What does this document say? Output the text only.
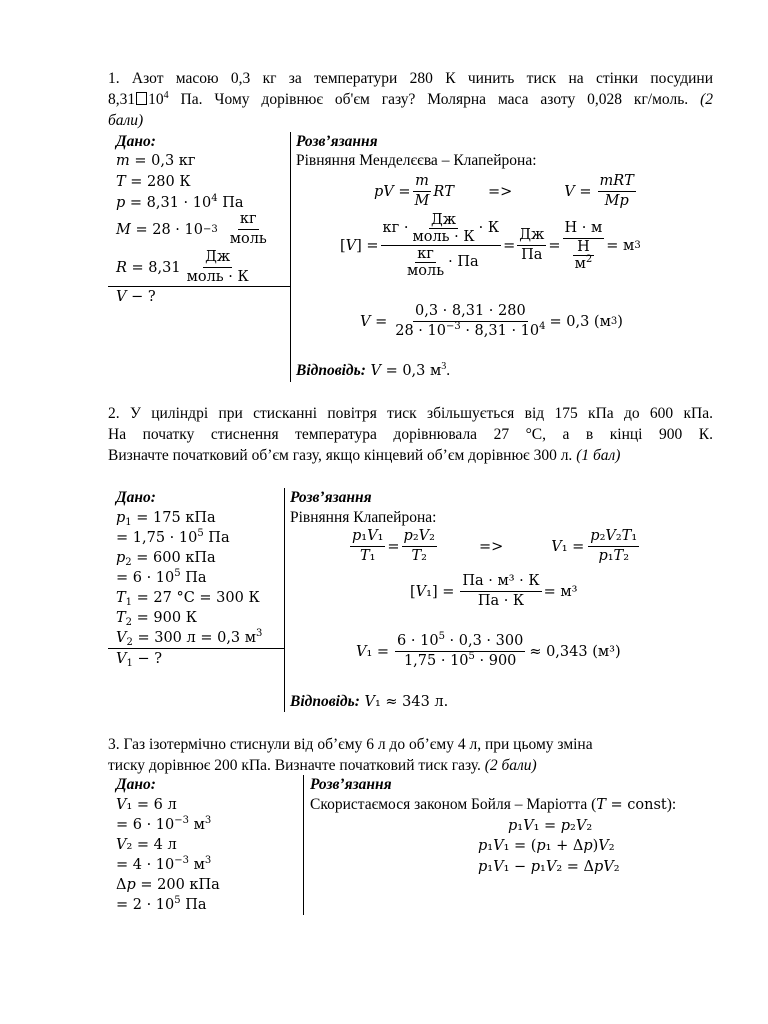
1. Азот масою 0,3 кг за температури 280 К чинить тиск на стінки посудини
8,31 $10^4$ Па. Чому дорівнює об'єм газу? Молярна маса азоту 0,028 кг/моль. (2
бали)
Дано:
𝑚 = 0,3 кг
𝑇 = 280 К
𝑝 = $8,31 \cdot 10^4$ Па
𝑀 = $28 \cdot 10 -3 \frac{кг}{\text{моль}}$
𝑅 = $8,31 \frac{Дж}{\text{моль · К}}$
𝑉 − ?
Розв’язання
Рівняння Менделєєва – Клапейрона:
𝑝𝑉 = $\frac{\text{𝑚}}{\text{𝑀}}$ 𝑅𝑇 =>	𝑉 = $\frac{\text{𝑚𝑅𝑇}}{\text{𝑀𝑝}}$
[𝑉] = $\frac{кг \cdot \frac{Дж}{\text{моль · К}} \cdot К}{\frac{кг}{\text{моль}} \cdot Па} = \frac{Дж}{Па} = \frac{Н \cdot м}{\frac{Н}{м^2}} = м$ 3
𝑉 = $\frac{0,3 \cdot 8,31 \cdot 280}{28 \cdot 10^{-3} \cdot 8,31 \cdot 10^4} = 0,3$ (м 3 )
Відповідь: 𝑉 = 0,3 $м^3$.
2. У циліндрі при стисканні повітря тиск збільшується від 175 кПа до 600 кПа.
На початку стиснення температура дорівнювала 27 °С, а в кінці 900 К.
Визначте початковий об’єм газу, якщо кінцевий об’єм дорівнює 300 л. (1 бал)
Дано:
𝑝$_1$ = 175 кПа
= $1,75 \cdot 10^5$ Па
𝑝$_2$ = 600 кПа
= $6 \cdot 10^5$ Па
𝑇$_1$ = 27 °С = 300 К
𝑇$_2$ = 900 К
𝑉$_2$ = 300 л = 0,3 $м^3$
𝑉$_1$ − ?
Розв’язання
Рівняння Клапейрона:
$\frac{\text{𝑝₁𝑉₁}}{\text{𝑇₁}} = \frac{\text{𝑝₂𝑉₂}}{\text{𝑇₂}}$	=>	𝑉₁ = $\frac{\text{𝑝₂𝑉₂𝑇₁}}{\text{𝑝₁𝑇₂}}$
[𝑉₁] = $\frac{\text{Па · м³ · К}}{Па \cdot К} = м^3$
𝑉₁ = $\frac{6 \cdot 10^5 \cdot 0,3 \cdot 300}{1,75 \cdot 10^5 \cdot 900} \approx 0,343$ (м³)
Відповідь: 𝑉₁ ≈ 343 л.
3. Газ ізотермічно стиснули від об’єму 6 л до об’єму 4 л, при цьому зміна
тиску дорівнює 200 кПа. Визначте початковий тиск газу. (2 бали)
Дано:
𝑉₁ = 6 л
= $6 \cdot 10^{-3}$ $м^3$
𝑉₂ = 4 л
= $4 \cdot 10^{-3}$ $м^3$
Δ𝑝 = 200 кПа
= $2 \cdot 10^5$ Па
Розв’язання
Скористаємося законом Бойля – Маріотта (𝑇 = const):
𝑝₁𝑉₁ = 𝑝₂𝑉₂
𝑝₁𝑉₁ = (𝑝₁ + Δ𝑝)𝑉₂
𝑝₁𝑉₁ − 𝑝₁𝑉₂ = Δ𝑝𝑉₂
